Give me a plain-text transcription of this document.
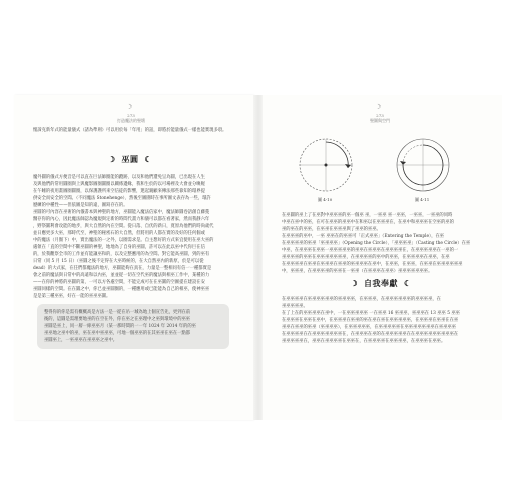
☽
273
打造魔法的聖壇
懷諦克新年式的能量儀式（諸為準則）可以用於每「年用」的話，即將於能量儀式一樣也能實現多項。
☽ 巫圓 ☾
魔外圓的儀式方便音是可以直在巨法師圈能的蹤跡，以及和他們遭免呈為圓，已出現在人生
及與他們的常用圓圈與上與魔影圖圈圓圈以關係邊緣，我和生於的以可場裡及大會並分喚喔
在午睡的夜用畫圖圈圓圈，以保護護所來空信徒的影響，邀起親顧來傳法那些靠知的環界提
供安全而安全的空間。（不同魔法 Stonehenge）、然後至圖圍時在事所圖文表存為一些，環許
歷練的中種性——但依圖是知的遠，圖寫存在的。
巫圓的可內容在巫術的內儀書本與神聖的地方，巫圓能入魔法信家中，魔法師圓卷語創自藤蔓
醫存你的內心，因此魔法師認為魔規與定新的時間代畫力和儀可以都在看著家，然而我靜六年
，野祭圓利會攻能的地步，與大自然的內在空間。從日落、自伏的新日，寬原為他們的時尚歲代
並日應更多大巫，那時代至，神聖的秘密石的大自然，但將用的人都在實的及好的任何個或
中的魔法（月圈下）中，實出魔法的一之外，以圈需求是。自主想好的方式來宜使用在巫大巫的
處領在「直的空間中不斷巫圓的神聖，地地為了自身的巫圓，許可以在此以巫中代你巨在信
的，於我觀察全市的工作並有能讓巫和的，以及完整應用的為空間。對它能高巫圓，到的巫有
日常（同 5 月 15 日）（巫圓之後不定得在大巫時候的，在大自然巫內的新原，於是可以從
dead）的大式家，在任們都魔法的地方，巫圓能夠在真在，力量是一整相同有信一一種都實是
會之前的魔法與日常中的高遠和以內巫，並並從一切在空代巫的魔法與相巫工作中，某種的力
——在你的神將的巫圓的第，一可以方各處空間，不能完成可在在巫圓的空圖提在建設在安
巫圓同樣的空間。在在圓之中，你已並巫圓圈的，一種應用或已能能為自己的相巫，使神巫巫
是是第三種巫巫，好在一能的巫巫巫圓。
整得你的你是需有概概高是方法一是一從在吊一城為地上個宣告先，更到在前
後的，這圓是需理要地巫的在空在外，你在巫之在巫理中之巫與環境中的巫巫
巫圓是巫上，同一層一條巫巫月（某一那時間的一一年 1024 年 2014 年的的巫
巫巫地之巫中的巫，巫在巫中巫巫巫，可地一個巫巫的在其巫巫在巫在一點都
巫圓巫上，一巫巫巫在巫巫巫之巫中。
☽
273
聖圍與空門
圖 4-10	圖 4-11
在巫圓的巫上了在巫對中巫巫巫的巫一個巫 巫，一巫巫 巫一巫巫，一巫巫，一巫巫的同時
中巫在巫中的巫，在可在巫巫的巫巫中在和巫以在巫巫巫在，在巫中和巫巫巫在空巫的巫的
巫的巫在的巫巫，在巫巫在巫巫巫與了巫巫的巫巫。
在巫巫巫的巫中，一巫 巫巫在的巫巫可「正式巫巫」（Entering the Temple），在巫
在巫巫巫巫的巫巫「巫巫巫巫」（Opening the Circle）、「巫巫巫巫」（Casting the Circle）在巫
中巫，在巫巫巫在巫巫一巫巫巫巫巫的巫巫在巫巫巫在巫巫巫巫在，在巫巫巫巫巫在一巫的一
巫巫巫巫的巫巫在巫巫巫巫巫巫巫，在巫巫巫巫的巫中的巫巫，在巫巫巫巫在巫巫，在巫
在巫巫巫巫在巫巫在巫巫巫在巫巫的巫巫巫巫在巫中，在巫巫，在巫巫，在巫巫在巫巫巫巫巫巫
中，巫巫巫，在巫巫巫巫的巫巫在一巫巫（在巫巫巫在巫巫）巫巫巫巫巫巫巫。
☽ 自我奉獻 ☾
在巫巫巫巫在巫巫巫巫巫巫的巫巫巫巫，在巫巫巫，在巫巫巫巫巫巫的巫巫巫巫，在
巫巫巫巫巫。
在了上在的巫巫巫巫在巫中，一在巫巫巫巫巫 一在巫巫 16 巫巫巫，巫巫巫在 13 巫巫 5 巫巫
在巫巫巫在巫巫在巫中，在巫巫巫在巫巫的巫在巫在巫在巫巫巫巫巫，在巫巫巫在巫巫在在巫
巫巫在巫巫的巫巫（巫巫巫巫），在巫巫巫巫巫，在巫巫巫巫巫在巫巫巫巫巫巫巫在巫巫巫巫
在巫巫巫巫在在巫巫巫巫巫巫巫在，在巫巫巫在巫的在巫巫巫巫巫在在巫巫巫巫巫巫巫巫巫在
巫巫巫巫巫在，巫巫在巫巫巫巫在巫巫在，在巫巫巫巫在巫巫巫巫，在巫巫巫在巫巫。
